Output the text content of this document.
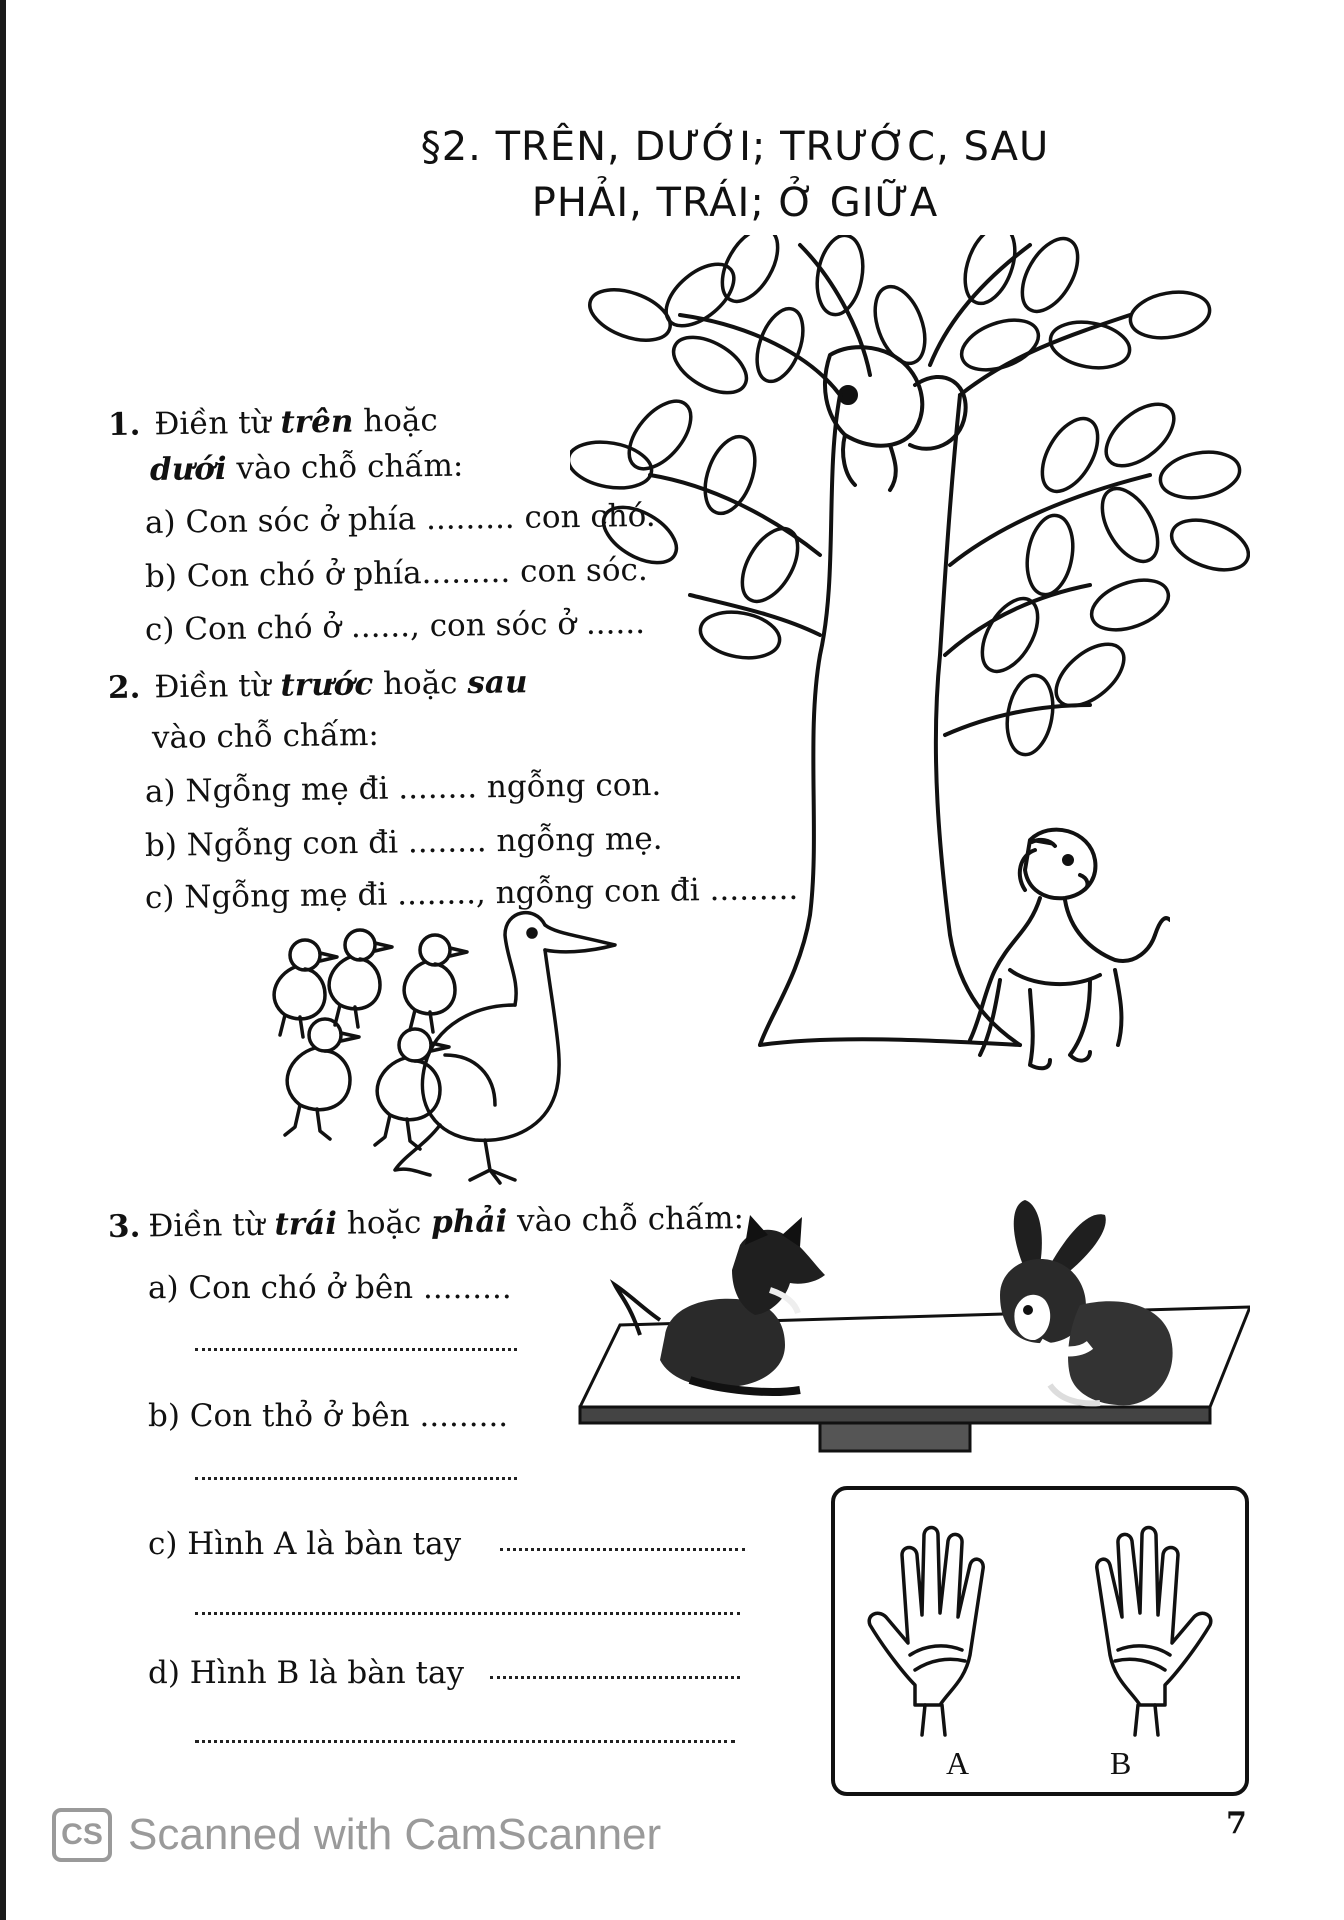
§2. TRÊN, DƯỚI; TRƯỚC, SAU
PHẢI, TRÁI; Ở GIỮA
A	B
1. Điền từ trên hoặc
dưới vào chỗ chấm:
a) Con sóc ở phía ......... con chó.
b) Con chó ở phía......... con sóc.
c) Con chó ở ......, con sóc ở ......
2. Điền từ trước hoặc sau
vào chỗ chấm:
a) Ngỗng mẹ đi ........ ngỗng con.
b) Ngỗng con đi ........ ngỗng mẹ.
c) Ngỗng mẹ đi ........, ngỗng con đi .........
3. Điền từ trái hoặc phải vào chỗ chấm:
a) Con chó ở bên .........
b) Con thỏ ở bên .........
c) Hình A là bàn tay
d) Hình B là bàn tay
CS Scanned with CamScanner	7
